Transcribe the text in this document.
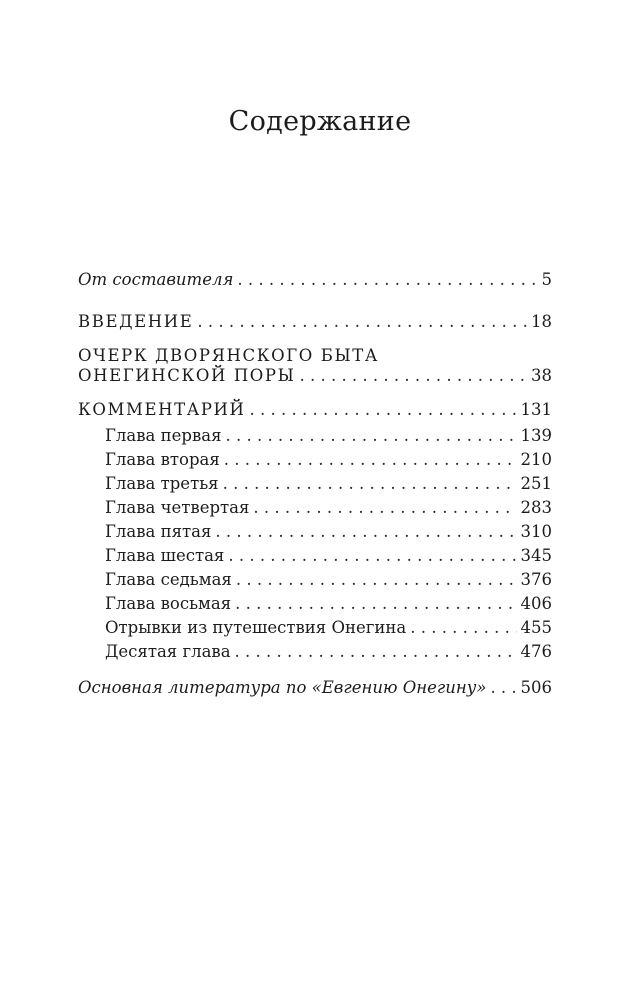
Содержание
От составителя . . .	5
ВВЕДЕНИЕ . . .	18
ОЧЕРК ДВОРЯНСКОГО БЫТА
ОНЕГИНСКОЙ ПОРЫ . . .	38
КОММЕНТАРИЙ . . .	131
Глава первая . . .	139
Глава вторая . . .	210
Глава третья . . .	251
Глава четвертая . . .	283
Глава пятая . . .	310
Глава шестая . . .	345
Глава седьмая . . .	376
Глава восьмая . . .	406
Отрывки из путешествия Онегина . . .	455
Десятая глава . . .	476
Основная литература по «Евгению Онегину» . . . 506
